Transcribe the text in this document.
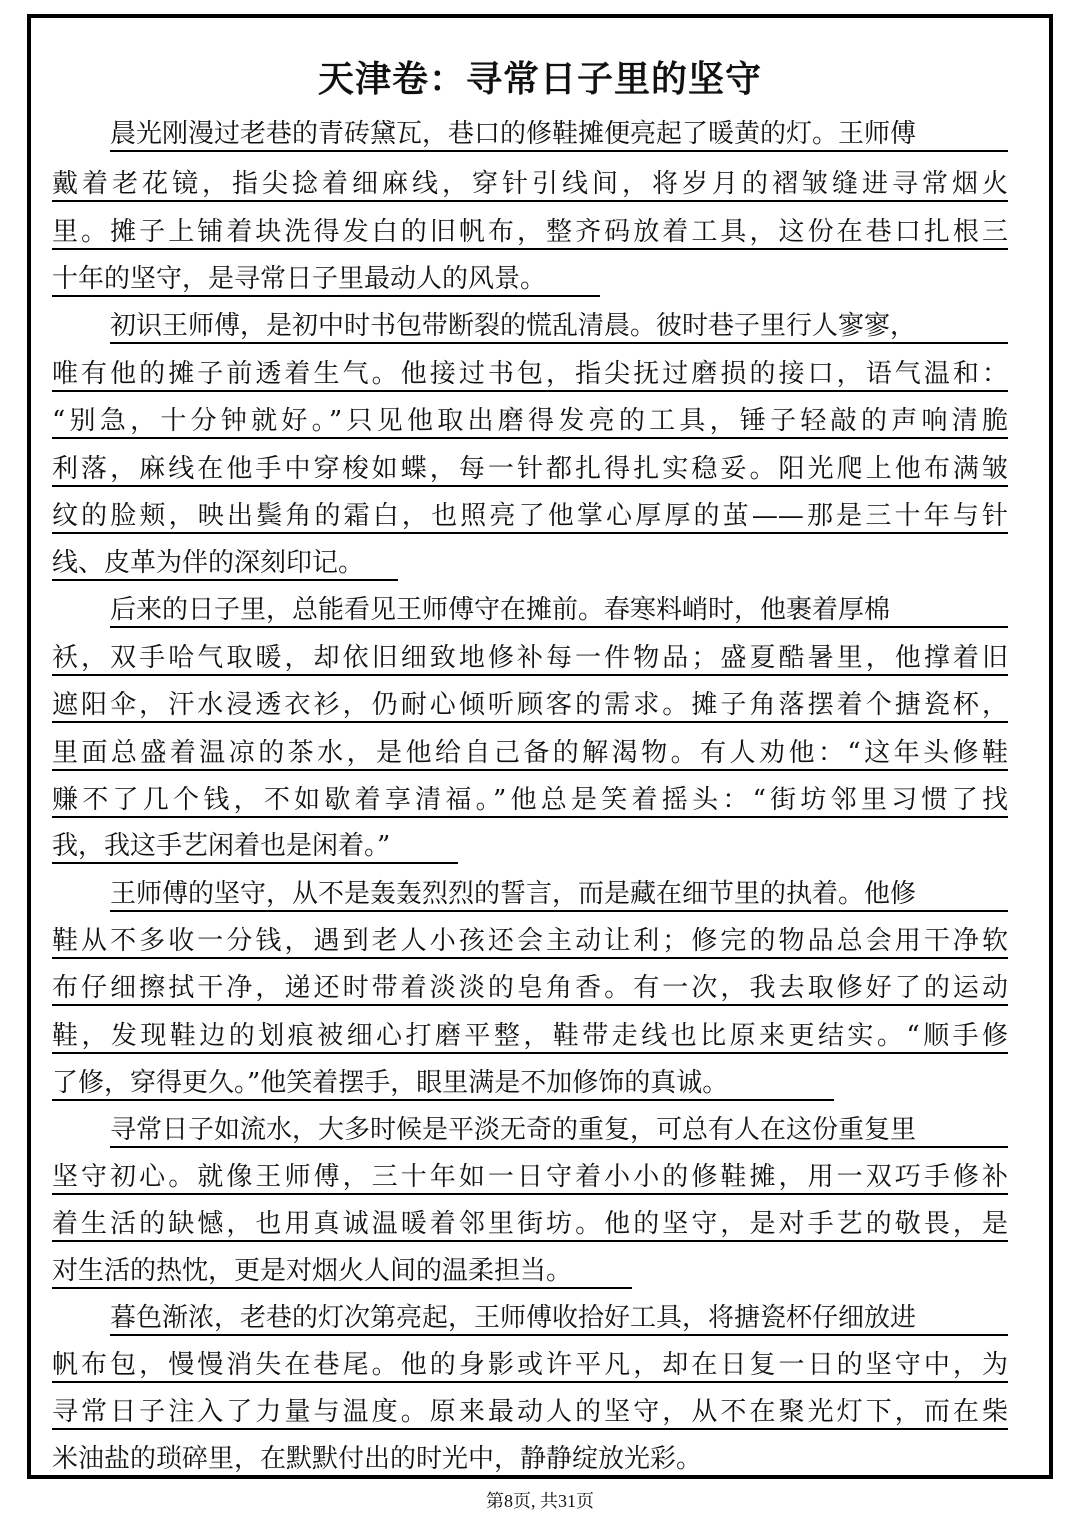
天津卷：寻常日子里的坚守
晨光刚漫过老巷的青砖黛瓦，巷口的修鞋摊便亮起了暖黄的灯。王师傅
戴着老花镜，指尖捻着细麻线，穿针引线间，将岁月的褶皱缝进寻常烟火
里。摊子上铺着块洗得发白的旧帆布，整齐码放着工具，这份在巷口扎根三
十年的坚守，是寻常日子里最动人的风景。
初识王师傅，是初中时书包带断裂的慌乱清晨。彼时巷子里行人寥寥，
唯有他的摊子前透着生气。他接过书包，指尖抚过磨损的接口，语气温和：
“别急，十分钟就好。”只见他取出磨得发亮的工具，锤子轻敲的声响清脆
利落，麻线在他手中穿梭如蝶，每一针都扎得扎实稳妥。阳光爬上他布满皱
纹的脸颊，映出鬓角的霜白，也照亮了他掌心厚厚的茧——那是三十年与针
线、皮革为伴的深刻印记。
后来的日子里，总能看见王师傅守在摊前。春寒料峭时，他裹着厚棉
袄，双手哈气取暖，却依旧细致地修补每一件物品；盛夏酷暑里，他撑着旧
遮阳伞，汗水浸透衣衫，仍耐心倾听顾客的需求。摊子角落摆着个搪瓷杯，
里面总盛着温凉的茶水，是他给自己备的解渴物。有人劝他：“这年头修鞋
赚不了几个钱，不如歇着享清福。”他总是笑着摇头：“街坊邻里习惯了找
我，我这手艺闲着也是闲着。”
王师傅的坚守，从不是轰轰烈烈的誓言，而是藏在细节里的执着。他修
鞋从不多收一分钱，遇到老人小孩还会主动让利；修完的物品总会用干净软
布仔细擦拭干净，递还时带着淡淡的皂角香。有一次，我去取修好了的运动
鞋，发现鞋边的划痕被细心打磨平整，鞋带走线也比原来更结实。“顺手修
了修，穿得更久。”他笑着摆手，眼里满是不加修饰的真诚。
寻常日子如流水，大多时候是平淡无奇的重复，可总有人在这份重复里
坚守初心。就像王师傅，三十年如一日守着小小的修鞋摊，用一双巧手修补
着生活的缺憾，也用真诚温暖着邻里街坊。他的坚守，是对手艺的敬畏，是
对生活的热忱，更是对烟火人间的温柔担当。
暮色渐浓，老巷的灯次第亮起，王师傅收拾好工具，将搪瓷杯仔细放进
帆布包，慢慢消失在巷尾。他的身影或许平凡，却在日复一日的坚守中，为
寻常日子注入了力量与温度。原来最动人的坚守，从不在聚光灯下，而在柴
米油盐的琐碎里，在默默付出的时光中，静静绽放光彩。
第8页, 共31页
